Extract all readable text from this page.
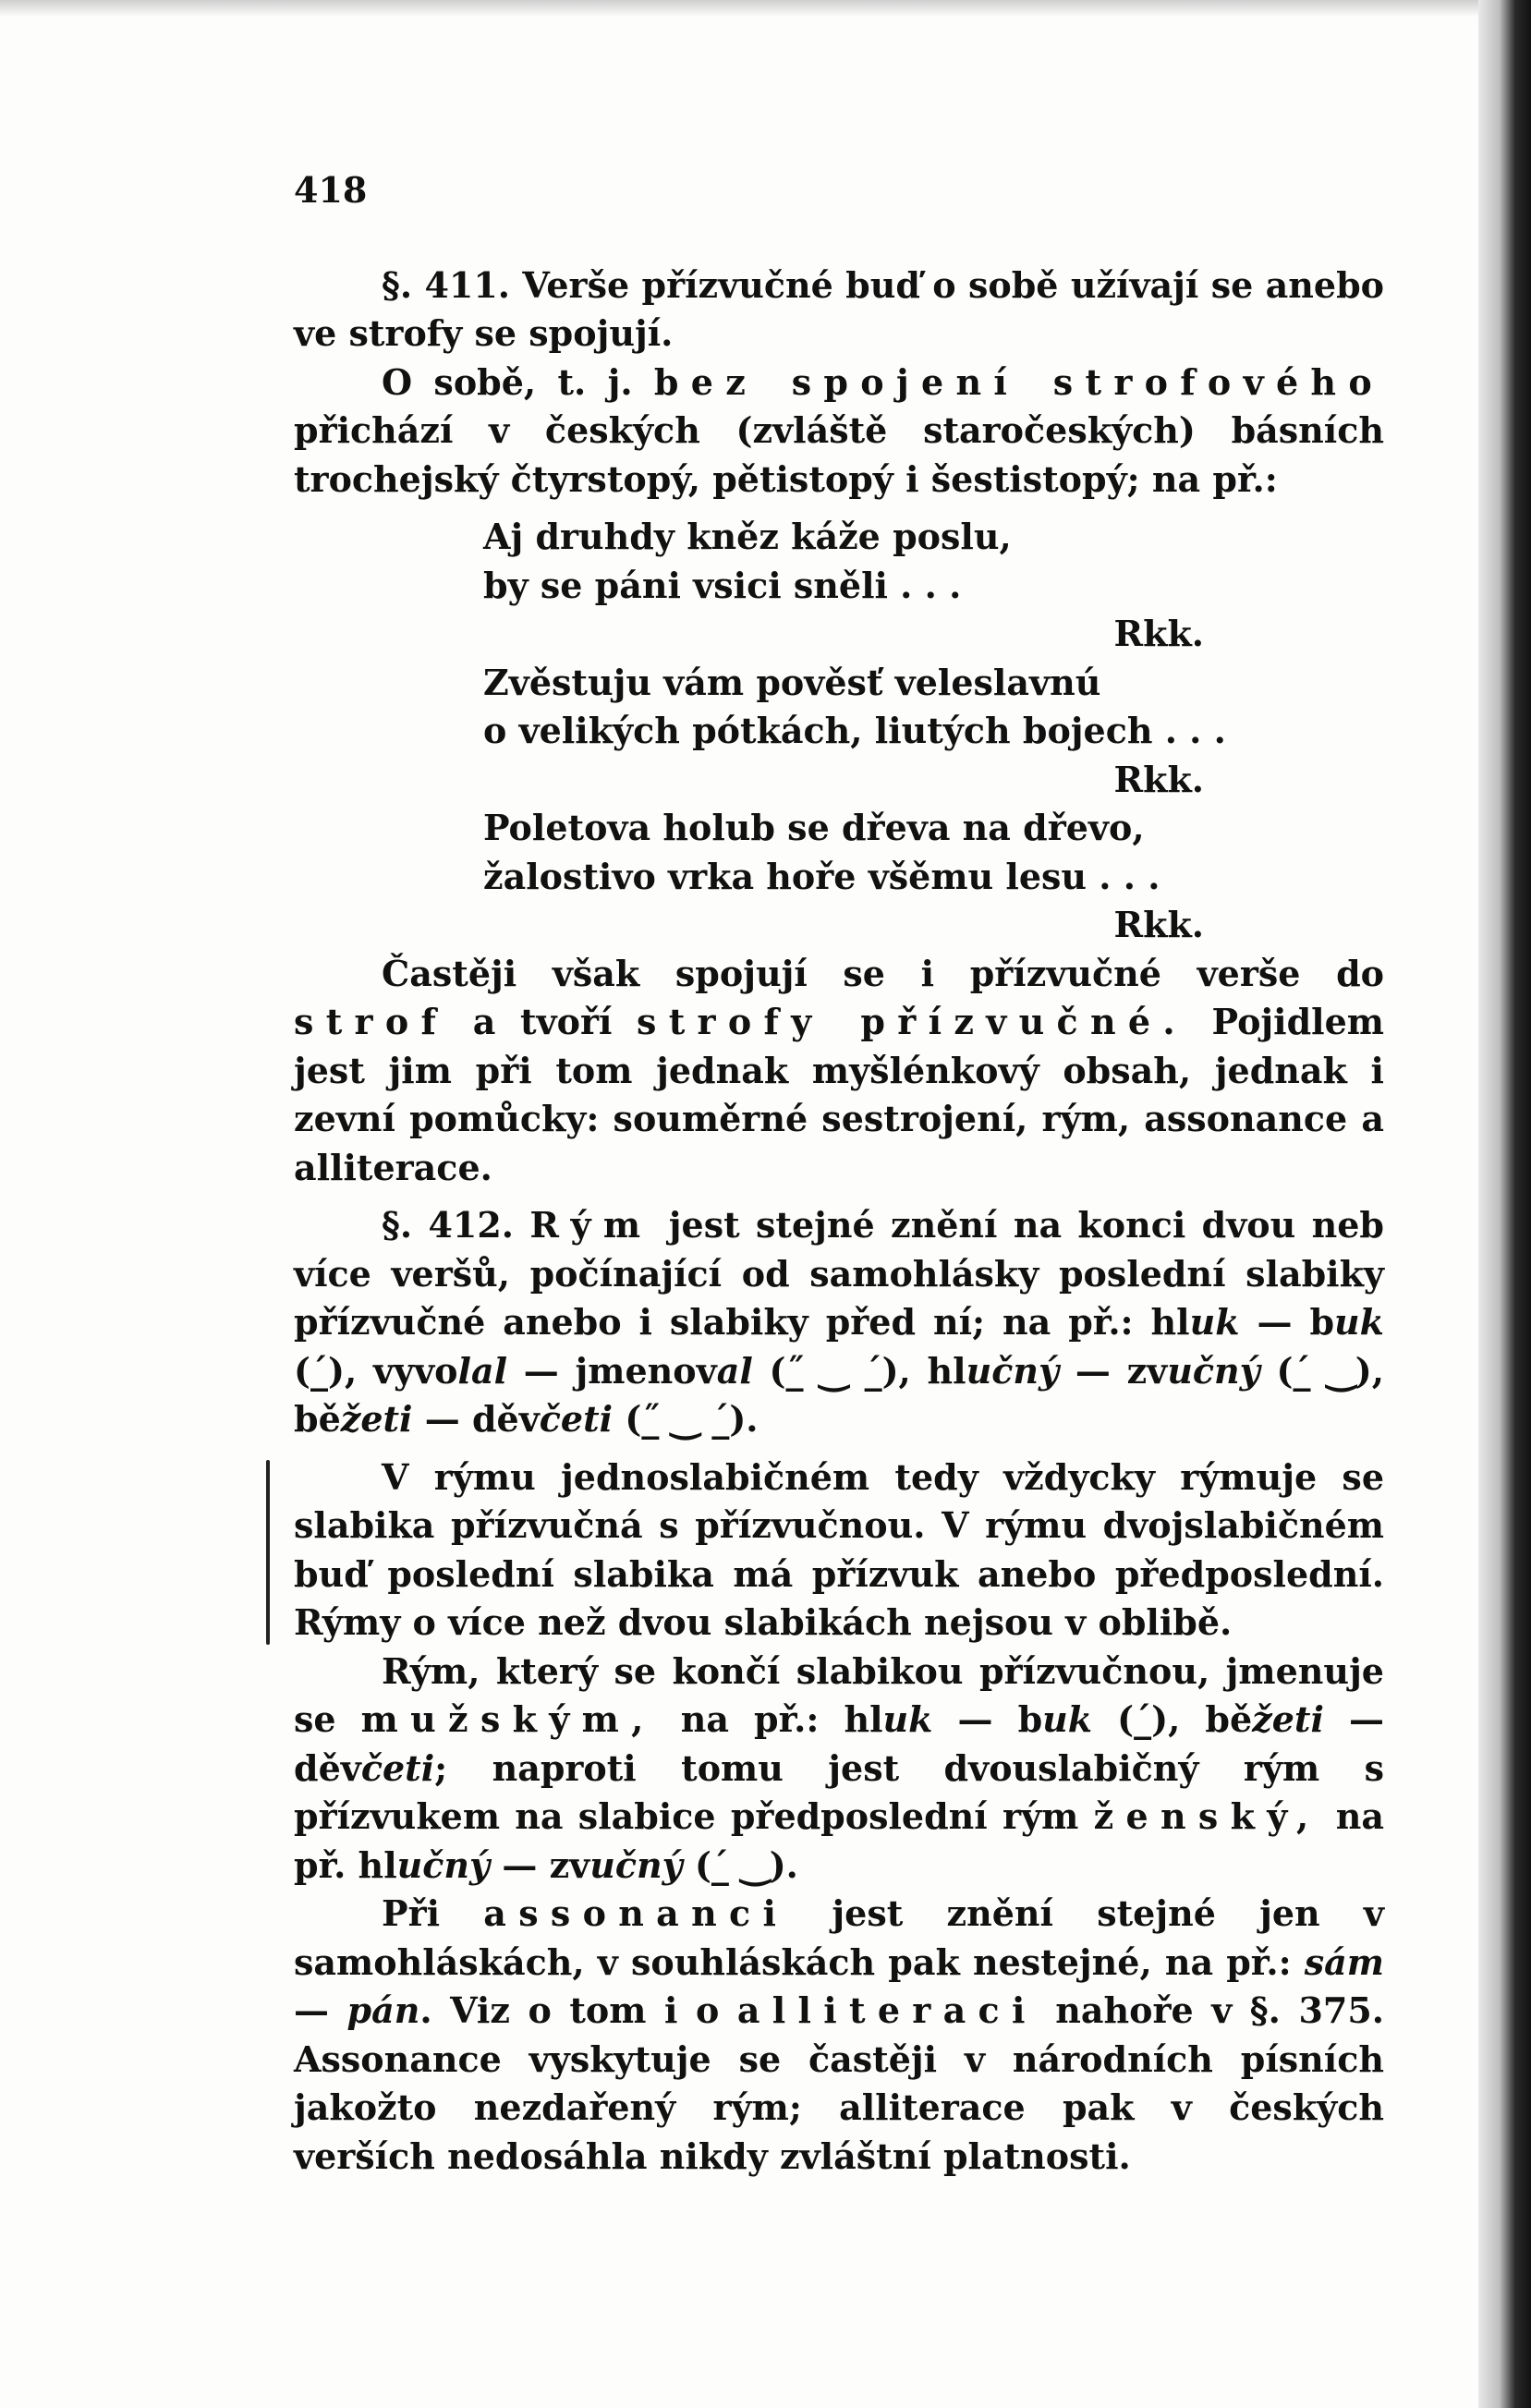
418

§. 411. Verše přízvučné buď o sobě užívají se anebo ve strofy se spojují.

O sobě, t. j. bez spojení strofového přichází v českých (zvláště staročeských) básních trochejský čtyrstopý, pětistopý i šestistopý; na př.:

Aj druhdy kněz káže poslu,
by se páni vsici sněli . . .
Rkk.
Zvěstuju vám pověsť veleslavnú
o velikých pótkách, liutých bojech . . .
Rkk.
Poletova holub se dřeva na dřevo,
žalostivo vrka hoře všěmu lesu . . .
Rkk.

Častěji však spojují se i přízvučné verše do strof a tvoří strofy přízvučné. Pojidlem jest jim při tom jednak myšlénkový obsah, jednak i zevní pomůcky: souměrné sestrojení, rým, assonance a alliterace.

§. 412. Rým jest stejné znění na konci dvou neb více veršů, počínající od samohlásky poslední slabiky přízvučné anebo i slabiky před ní; na př.: hluk — buk (_́), vyvolal — jmenoval (_̋ ‿ _́), hlučný — zvučný (_́ ‿), běžeti — děvčeti (_̋ ‿ _́).

V rýmu jednoslabičném tedy vždycky rýmuje se slabika přízvučná s přízvučnou. V rýmu dvojslabičném buď poslední slabika má přízvuk anebo předposlední. Rýmy o více než dvou slabikách nejsou v oblibě.

Rým, který se končí slabikou přízvučnou, jmenuje se mužským, na př.: hluk — buk (_́), běžeti — děvčeti; naproti tomu jest dvouslabičný rým s přízvukem na slabice předposlední rým ženský, na př. hlučný — zvučný (_́ ‿).

Při assonanci jest znění stejné jen v samohláskách, v souhláskách pak nestejné, na př.: sám — pán. Viz o tom i o alliteraci nahoře v §. 375. Assonance vyskytuje se častěji v národních písních jakožto nezdařený rým; alliterace pak v českých verších nedosáhla nikdy zvláštní platnosti.
